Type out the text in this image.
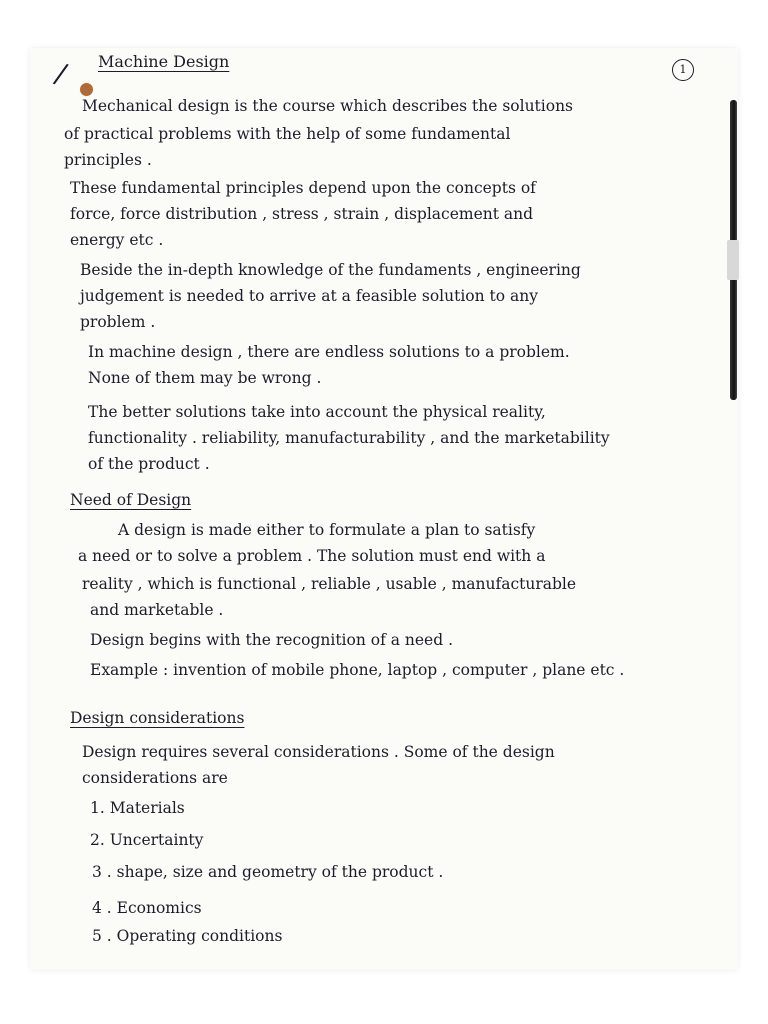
/ Machine Design	1
Mechanical design is the course which describes the solutions
of practical problems with the help of some fundamental
principles .
These fundamental principles depend upon the concepts of
force, force distribution , stress , strain , displacement and
energy etc .
Beside the in-depth knowledge of the fundaments , engineering
judgement is needed to arrive at a feasible solution to any
problem .
In machine design , there are endless solutions to a problem.
None of them may be wrong .
The better solutions take into account the physical reality,
functionality . reliability, manufacturability , and the marketability
of the product .
Need of Design
A design is made either to formulate a plan to satisfy
a need or to solve a problem . The solution must end with a
reality , which is functional , reliable , usable , manufacturable
and marketable .
Design begins with the recognition of a need .
Example : invention of mobile phone, laptop , computer , plane etc .
Design considerations
Design requires several considerations . Some of the design
considerations are
1. Materials
2. Uncertainty
3 . shape, size and geometry of the product .
4 . Economics
5 . Operating conditions
